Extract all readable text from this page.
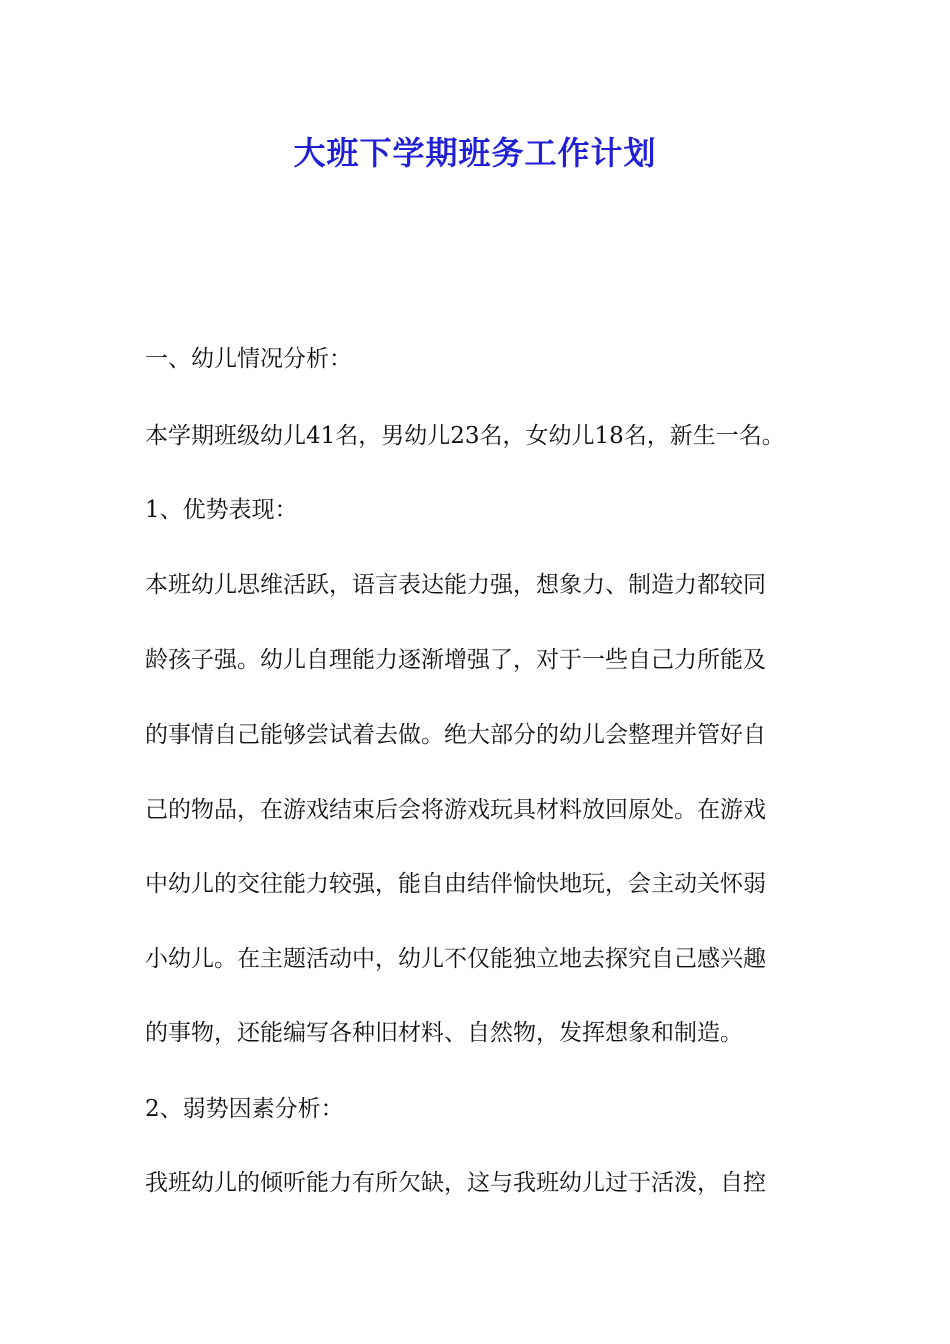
大班下学期班务工作计划

一、幼儿情况分析：

本学期班级幼儿41名，男幼儿23名，女幼儿18名，新生一名。

1、优势表现：

本班幼儿思维活跃，语言表达能力强，想象力、制造力都较同

龄孩子强。幼儿自理能力逐渐增强了，对于一些自己力所能及

的事情自己能够尝试着去做。绝大部分的幼儿会整理并管好自

己的物品，在游戏结束后会将游戏玩具材料放回原处。在游戏

中幼儿的交往能力较强，能自由结伴愉快地玩，会主动关怀弱

小幼儿。在主题活动中，幼儿不仅能独立地去探究自己感兴趣

的事物，还能编写各种旧材料、自然物，发挥想象和制造。

2、弱势因素分析：

我班幼儿的倾听能力有所欠缺，这与我班幼儿过于活泼，自控
